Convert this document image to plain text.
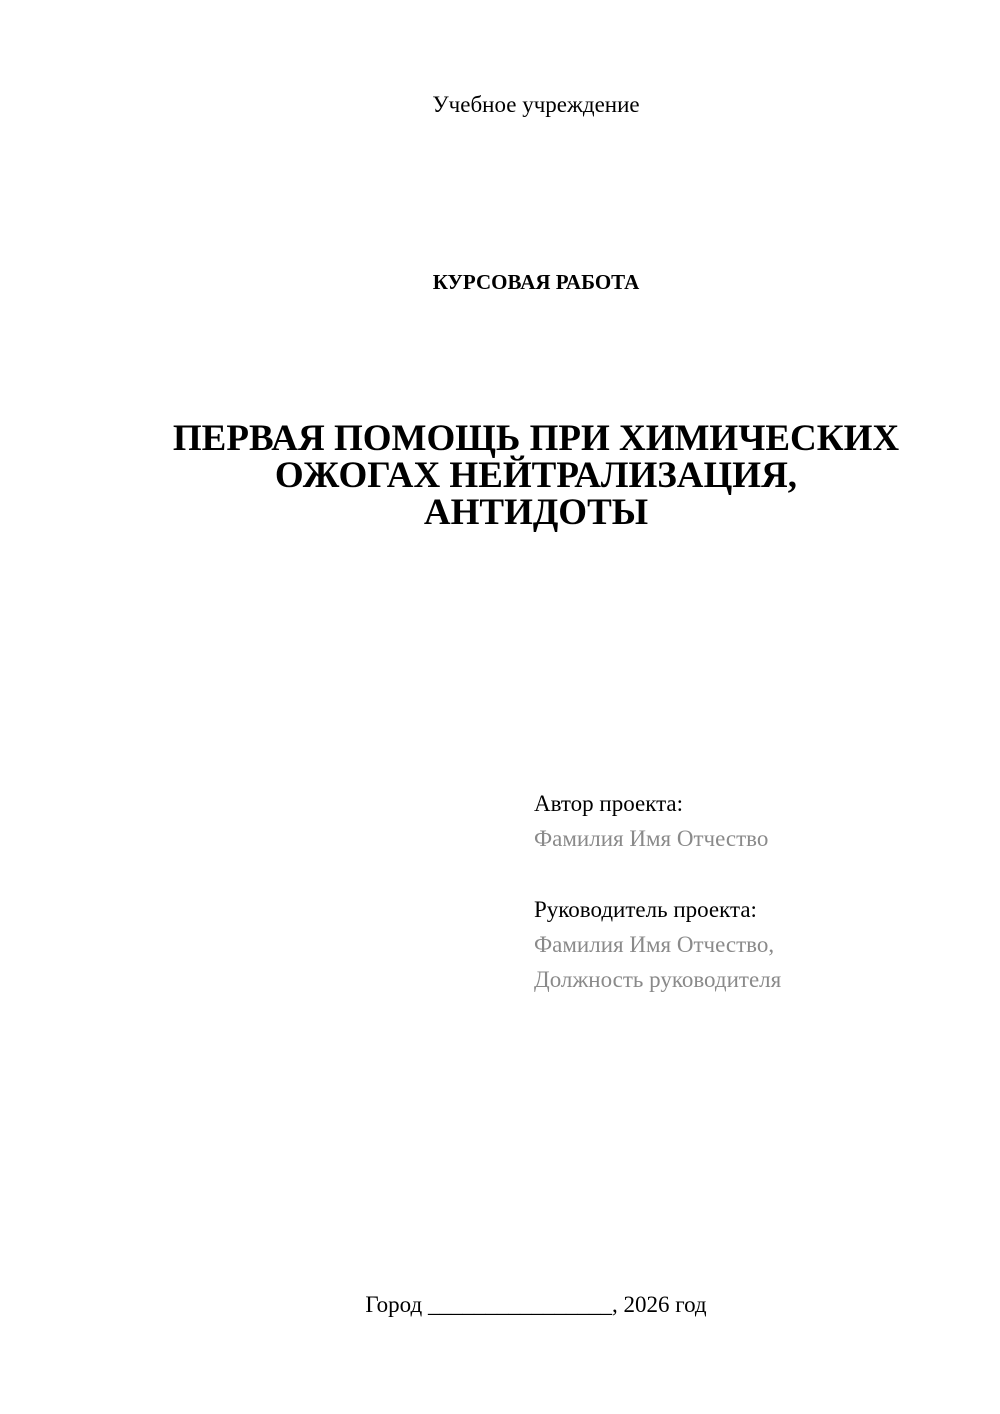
Учебное учреждение
КУРСОВАЯ РАБОТА
ПЕРВАЯ ПОМОЩЬ ПРИ ХИМИЧЕСКИХ
ОЖОГАХ НЕЙТРАЛИЗАЦИЯ,
АНТИДОТЫ
Автор проекта:
Фамилия Имя Отчество
Руководитель проекта:
Фамилия Имя Отчество,
Должность руководителя
Город ________________, 2026 год
